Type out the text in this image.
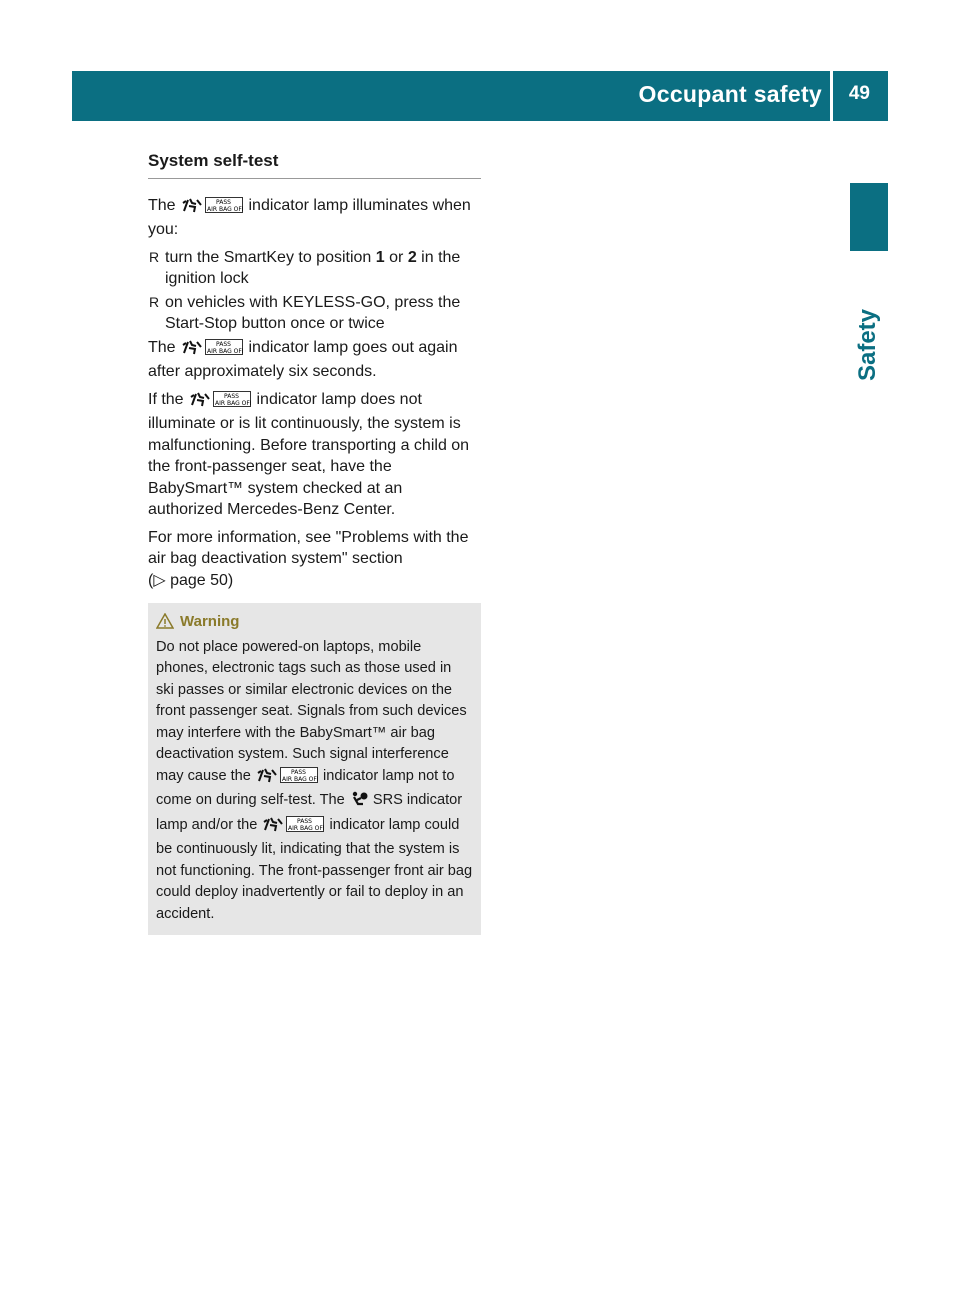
Occupant safety 49
Safety
System self-test

The	PASS
AIR BAG OFF indicator lamp illuminates when you:

R turn the SmartKey to position 1 or 2 in the ignition lock
R on vehicles with KEYLESS-GO, press the Start-Stop button once or twice

The	PASS
AIR BAG OFF indicator lamp goes out again after approximately six seconds.

If the	PASS
AIR BAG OFF indicator lamp does not illuminate or is lit continuously, the system is malfunctioning. Before transporting a child on the front-passenger seat, have the BabySmart™ system checked at an authorized Mercedes-Benz Center.

For more information, see "Problems with the air bag deactivation system" section
(▷ page 50)

Warning

Do not place powered-on laptops, mobile phones, electronic tags such as those used in ski passes or similar electronic devices on the front passenger seat. Signals from such devices may interfere with the BabySmart™ air bag deactivation system. Such signal interference may cause the	PASS
AIR BAG OFF indicator lamp not to come on during self-test. The SRS indicator lamp and/or the	PASS
AIR BAG OFF indicator lamp could be continuously lit, indicating that the system is not functioning. The front-passenger front air bag could deploy inadvertently or fail to deploy in an accident.
